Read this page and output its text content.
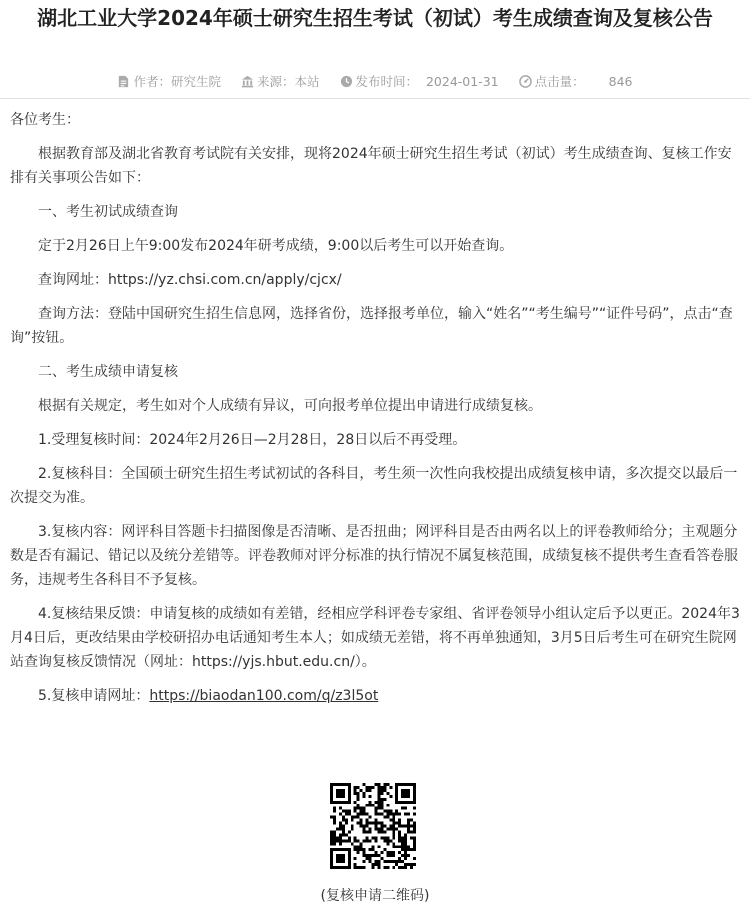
湖北工业大学2024年硕士研究生招生考试（初试）考生成绩查询及复核公告
作者：研究生院	来源：本站	发布时间： 2024-01-31	点击量： 846

各位考生：

根据教育部及湖北省教育考试院有关安排，现将2024年硕士研究生招生考试（初试）考生成绩查询、复核工作安排有关事项公告如下：

一、考生初试成绩查询

定于2月26日上午9:00发布2024年研考成绩，9:00以后考生可以开始查询。

查询网址：https://yz.chsi.com.cn/apply/cjcx/

查询方法：登陆中国研究生招生信息网，选择省份，选择报考单位，输入“姓名”“考生编号”“证件号码”，点击“查询”按钮。

二、考生成绩申请复核

根据有关规定，考生如对个人成绩有异议，可向报考单位提出申请进行成绩复核。

1.受理复核时间：2024年2月26日—2月28日，28日以后不再受理。

2.复核科目：全国硕士研究生招生考试初试的各科目，考生须一次性向我校提出成绩复核申请，多次提交以最后一次提交为准。

3.复核内容：网评科目答题卡扫描图像是否清晰、是否扭曲；网评科目是否由两名以上的评卷教师给分；主观题分数是否有漏记、错记以及统分差错等。评卷教师对评分标准的执行情况不属复核范围，成绩复核不提供考生查看答卷服务，违规考生各科目不予复核。

4.复核结果反馈：申请复核的成绩如有差错，经相应学科评卷专家组、省评卷领导小组认定后予以更正。2024年3月4日后，更改结果由学校研招办电话通知考生本人；如成绩无差错，将不再单独通知，3月5日后考生可在研究生院网站查询复核反馈情况（网址：https://yjs.hbut.edu.cn/）。

5.复核申请网址：https://biaodan100.com/q/z3l5ot

(复核申请二维码)
